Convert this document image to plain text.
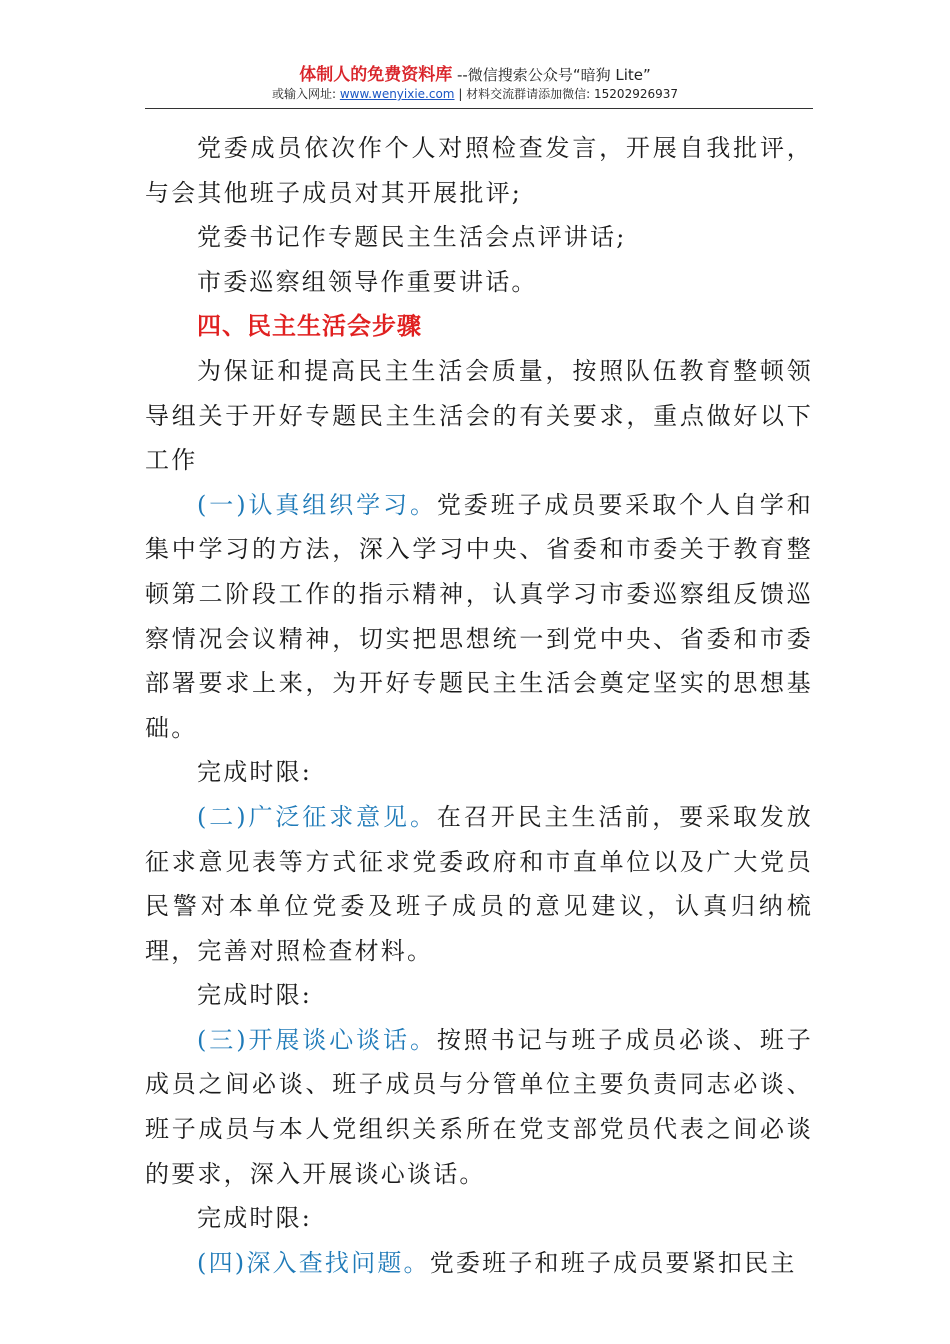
体制人的免费资料库 --微信搜索公众号“暗狗 Lite”
或输入网址: www.wenyixie.com | 材料交流群请添加微信: 15202926937

党委成员依次作个人对照检查发言，开展自我批评，与会其他班子成员对其开展批评;

党委书记作专题民主生活会点评讲话;

市委巡察组领导作重要讲话。

四、民主生活会步骤

为保证和提高民主生活会质量，按照队伍教育整顿领导组关于开好专题民主生活会的有关要求，重点做好以下工作

(一)认真组织学习。党委班子成员要采取个人自学和集中学习的方法，深入学习中央、省委和市委关于教育整顿第二阶段工作的指示精神，认真学习市委巡察组反馈巡察情况会议精神，切实把思想统一到党中央、省委和市委部署要求上来，为开好专题民主生活会奠定坚实的思想基础。

完成时限:

(二)广泛征求意见。在召开民主生活前，要采取发放征求意见表等方式征求党委政府和市直单位以及广大党员民警对本单位党委及班子成员的意见建议，认真归纳梳理，完善对照检查材料。

完成时限:

(三)开展谈心谈话。按照书记与班子成员必谈、班子成员之间必谈、班子成员与分管单位主要负责同志必谈、班子成员与本人党组织关系所在党支部党员代表之间必谈的要求，深入开展谈心谈话。

完成时限:

(四)深入查找问题。党委班子和班子成员要紧扣民主
